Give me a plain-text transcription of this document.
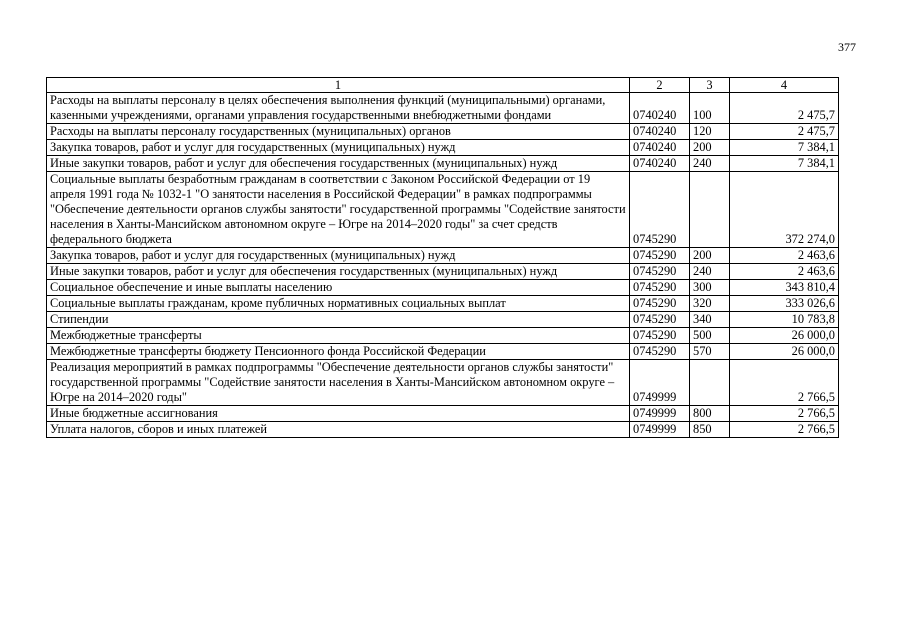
377
1	2	3	4
Расходы на выплаты персоналу в целях обеспечения выполнения функций (муниципальными) органами, казенными учреждениями, органами управления государственными внебюджетными фондами	0740240	100	2 475,7
Расходы на выплаты персоналу государственных (муниципальных) органов	0740240	120	2 475,7
Закупка товаров, работ и услуг для государственных (муниципальных) нужд	0740240	200	7 384,1
Иные закупки товаров, работ и услуг для обеспечения государственных (муниципальных) нужд	0740240	240	7 384,1
Социальные выплаты безработным гражданам в соответствии с Законом Российской Федерации от 19 апреля 1991 года № 1032-1 "О занятости населения в Российской Федерации" в рамках подпрограммы "Обеспечение деятельности органов службы занятости" государственной программы "Содействие занятости населения в Ханты-Мансийском автономном округе – Югре на 2014–2020 годы" за счет средств федерального бюджета	0745290		372 274,0
Закупка товаров, работ и услуг для государственных (муниципальных) нужд	0745290	200	2 463,6
Иные закупки товаров, работ и услуг для обеспечения государственных (муниципальных) нужд	0745290	240	2 463,6
Социальное обеспечение и иные выплаты населению	0745290	300	343 810,4
Социальные выплаты гражданам, кроме публичных нормативных социальных выплат	0745290	320	333 026,6
Стипендии	0745290	340	10 783,8
Межбюджетные трансферты	0745290	500	26 000,0
Межбюджетные трансферты бюджету Пенсионного фонда Российской Федерации	0745290	570	26 000,0
Реализация мероприятий в рамках подпрограммы "Обеспечение деятельности органов службы занятости" государственной программы "Содействие занятости населения в Ханты-Мансийском автономном округе – Югре на 2014–2020 годы"	0749999		2 766,5
Иные бюджетные ассигнования	0749999	800	2 766,5
Уплата налогов, сборов и иных платежей	0749999	850	2 766,5
